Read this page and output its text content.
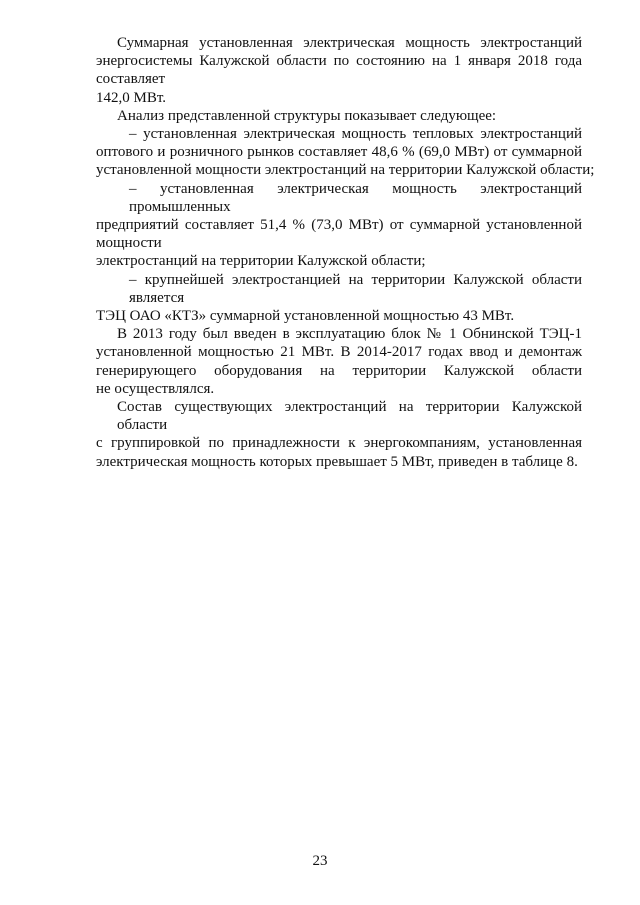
Суммарная установленная электрическая мощность электростанций
энергосистемы Калужской области по состоянию на 1 января 2018 года составляет
142,0 МВт.
Анализ представленной структуры показывает следующее:
– установленная электрическая мощность тепловых электростанций
оптового и розничного рынков составляет 48,6 % (69,0 МВт) от суммарной
установленной мощности электростанций на территории Калужской области;
– установленная электрическая мощность электростанций промышленных
предприятий составляет 51,4 % (73,0 МВт) от суммарной установленной мощности
электростанций на территории Калужской области;
– крупнейшей электростанцией на территории Калужской области является
ТЭЦ ОАО «КТЗ» суммарной установленной мощностью 43 МВт.
В 2013 году был введен в эксплуатацию блок № 1 Обнинской ТЭЦ-1
установленной мощностью 21 МВт. В 2014-2017 годах ввод и демонтаж
генерирующего оборудования на территории Калужской области
не осуществлялся.
Состав существующих электростанций на территории Калужской области
с группировкой по принадлежности к энергокомпаниям, установленная
электрическая мощность которых превышает 5 МВт, приведен в таблице 8.
23
